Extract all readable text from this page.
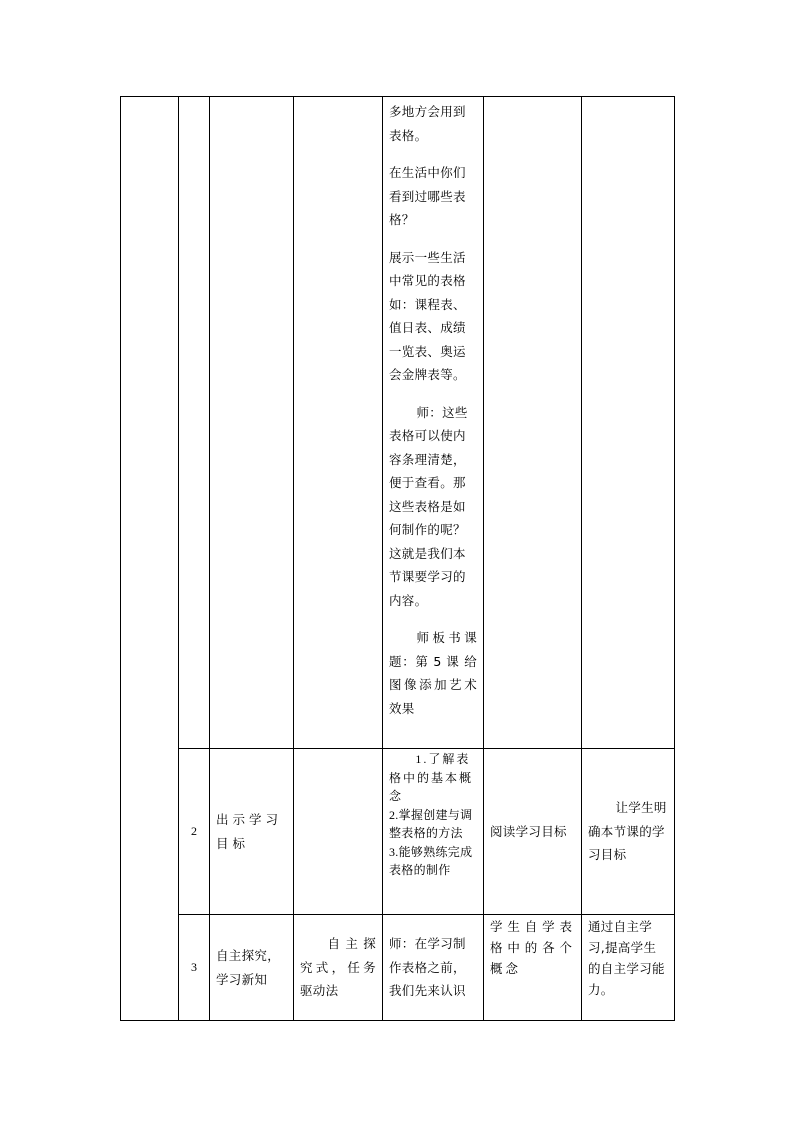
				多地方会用到表格。

在生活中你们看到过哪些表格？

展示一些生活中常见的表格如：课程表、值日表、成绩一览表、奥运会金牌表等。

师：这些表格可以使内容条理清楚，便于查看。那这些表格是如何制作的呢？这就是我们本节课要学习的内容。

师板书课题：第 5 课 给图像添加艺术效果		

	2	出示学习目标		1.了解表格中的基本概念

2.掌握创建与调整表格的方法

3.能够熟练完成表格的制作	阅读学习目标	让学生明确本节课的学习目标

	3	自主探究，学习新知	自主探究式，任务驱动法	师：在学习制作表格之前，我们先来认识	学生自学表格中的各个概念	通过自主学习,提高学生的自主学习能力。
